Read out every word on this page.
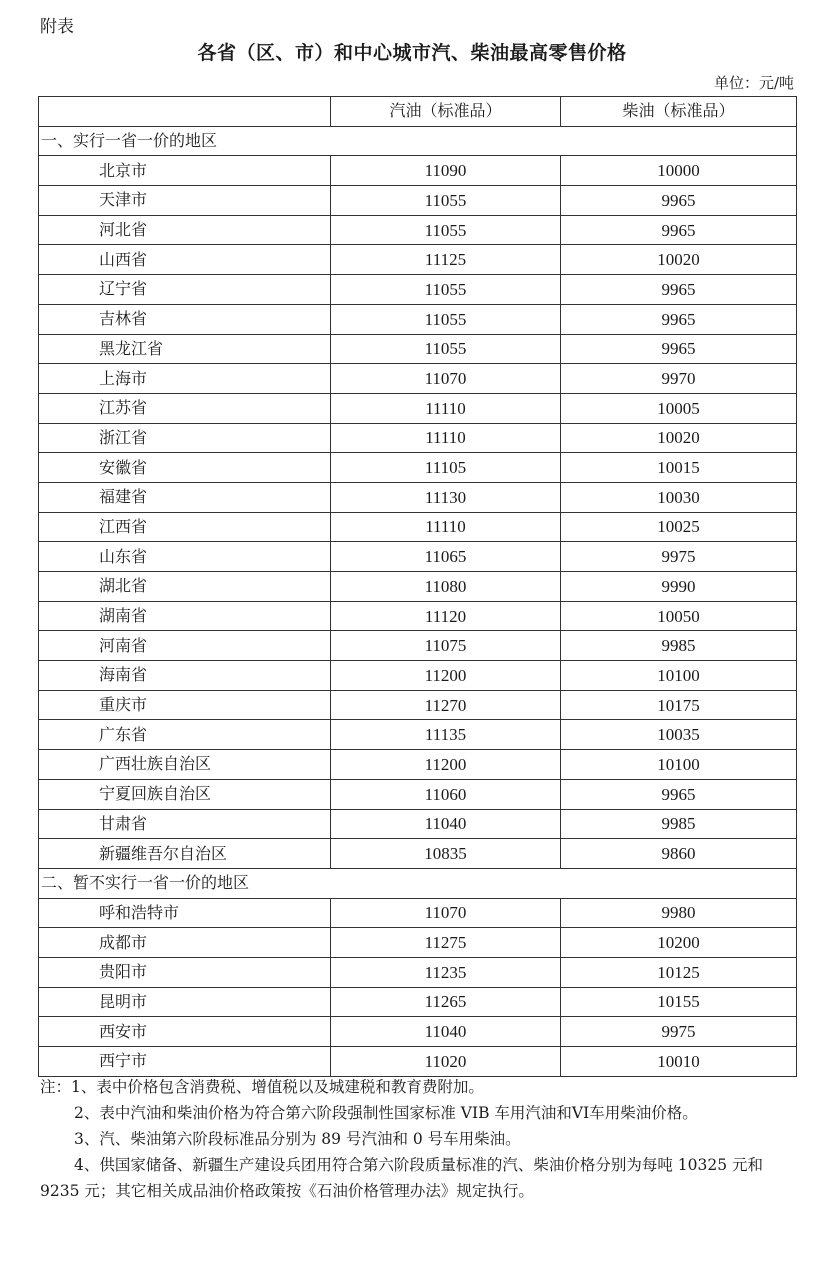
附表
各省（区、市）和中心城市汽、柴油最高零售价格
单位：元/吨
	汽油（标准品）	柴油（标准品）
一、实行一省一价的地区		
北京市	11090	10000
天津市	11055	9965
河北省	11055	9965
山西省	11125	10020
辽宁省	11055	9965
吉林省	11055	9965
黑龙江省	11055	9965
上海市	11070	9970
江苏省	11110	10005
浙江省	11110	10020
安徽省	11105	10015
福建省	11130	10030
江西省	11110	10025
山东省	11065	9975
湖北省	11080	9990
湖南省	11120	10050
河南省	11075	9985
海南省	11200	10100
重庆市	11270	10175
广东省	11135	10035
广西壮族自治区	11200	10100
宁夏回族自治区	11060	9965
甘肃省	11040	9985
新疆维吾尔自治区	10835	9860
二、暂不实行一省一价的地区		
呼和浩特市	11070	9980
成都市	11275	10200
贵阳市	11235	10125
昆明市	11265	10155
西安市	11040	9975
西宁市	11020	10010

注：1、表中价格包含消费税、增值税以及城建税和教育费附加。

2、表中汽油和柴油价格为符合第六阶段强制性国家标准 VIB 车用汽油和VI车用柴油价格。

3、汽、柴油第六阶段标准品分别为 89 号汽油和 0 号车用柴油。

4、供国家储备、新疆生产建设兵团用符合第六阶段质量标准的汽、柴油价格分别为每吨 10325 元和 9235 元；其它相关成品油价格政策按《石油价格管理办法》规定执行。
